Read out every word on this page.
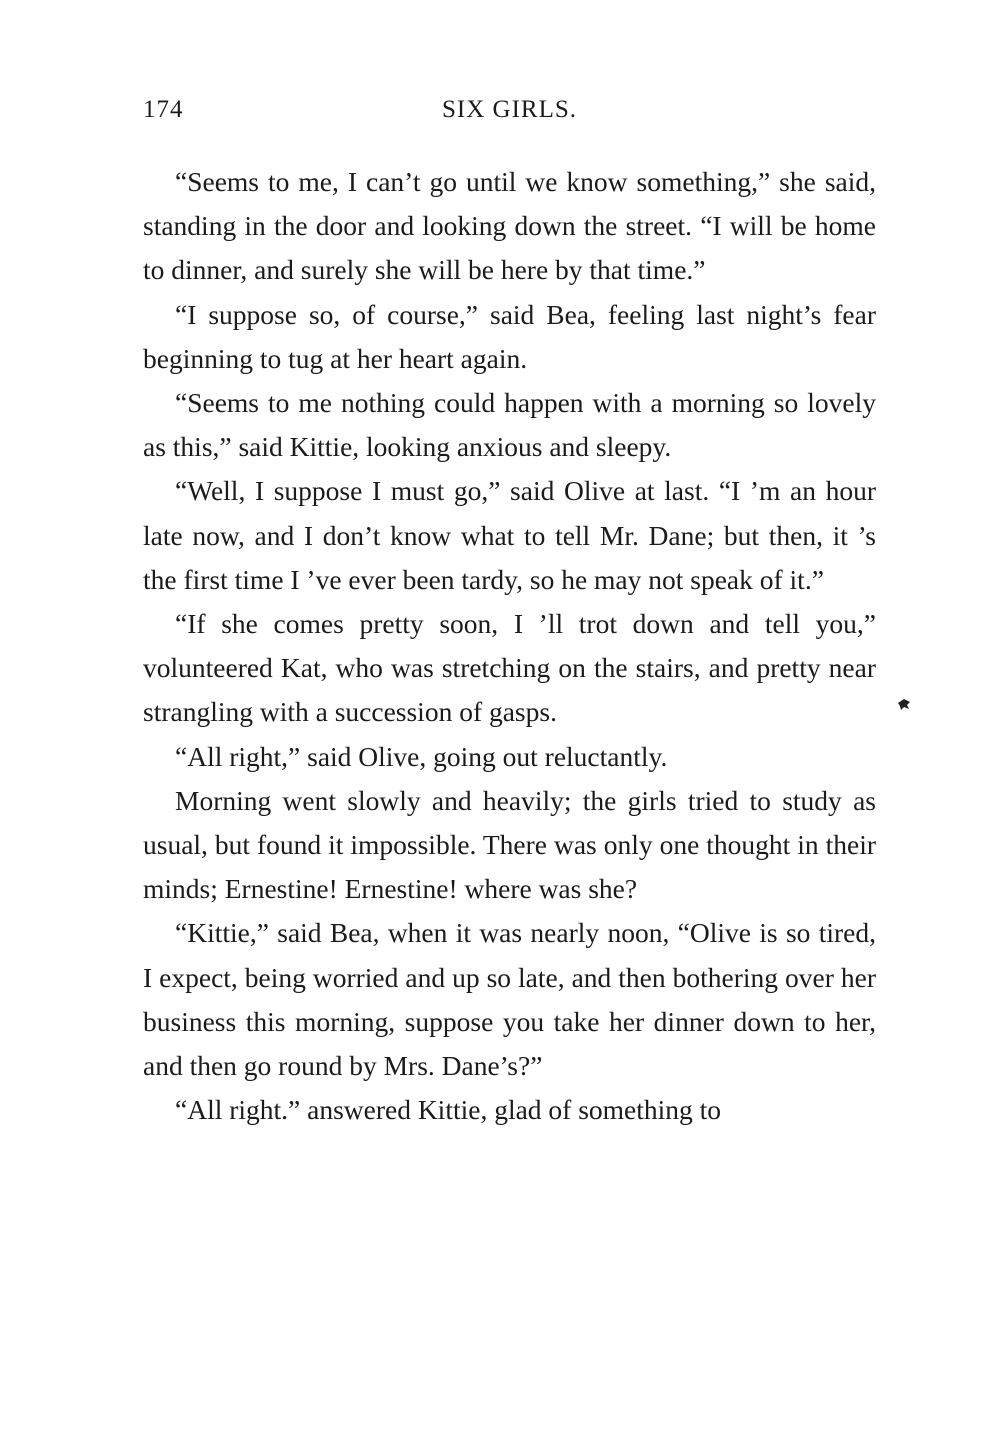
174	SIX GIRLS.

“Seems to me, I can’t go until we know something,” she said, standing in the door and looking down the street. “I will be home to dinner, and surely she will be here by that time.”

“I suppose so, of course,” said Bea, feeling last night’s fear beginning to tug at her heart again.

“Seems to me nothing could happen with a morning so lovely as this,” said Kittie, looking anxious and sleepy.

“Well, I suppose I must go,” said Olive at last. “I ’m an hour late now, and I don’t know what to tell Mr. Dane; but then, it ’s the first time I ’ve ever been tardy, so he may not speak of it.”

“If she comes pretty soon, I ’ll trot down and tell you,” volunteered Kat, who was stretching on the stairs, and pretty near strangling with a succession of gasps.

“All right,” said Olive, going out reluctantly.

Morning went slowly and heavily; the girls tried to study as usual, but found it impossible. There was only one thought in their minds; Ernestine! Ernestine! where was she?

“Kittie,” said Bea, when it was nearly noon, “Olive is so tired, I expect, being worried and up so late, and then bothering over her business this morning, suppose you take her dinner down to her, and then go round by Mrs. Dane’s?”

“All right.” answered Kittie, glad of something to
